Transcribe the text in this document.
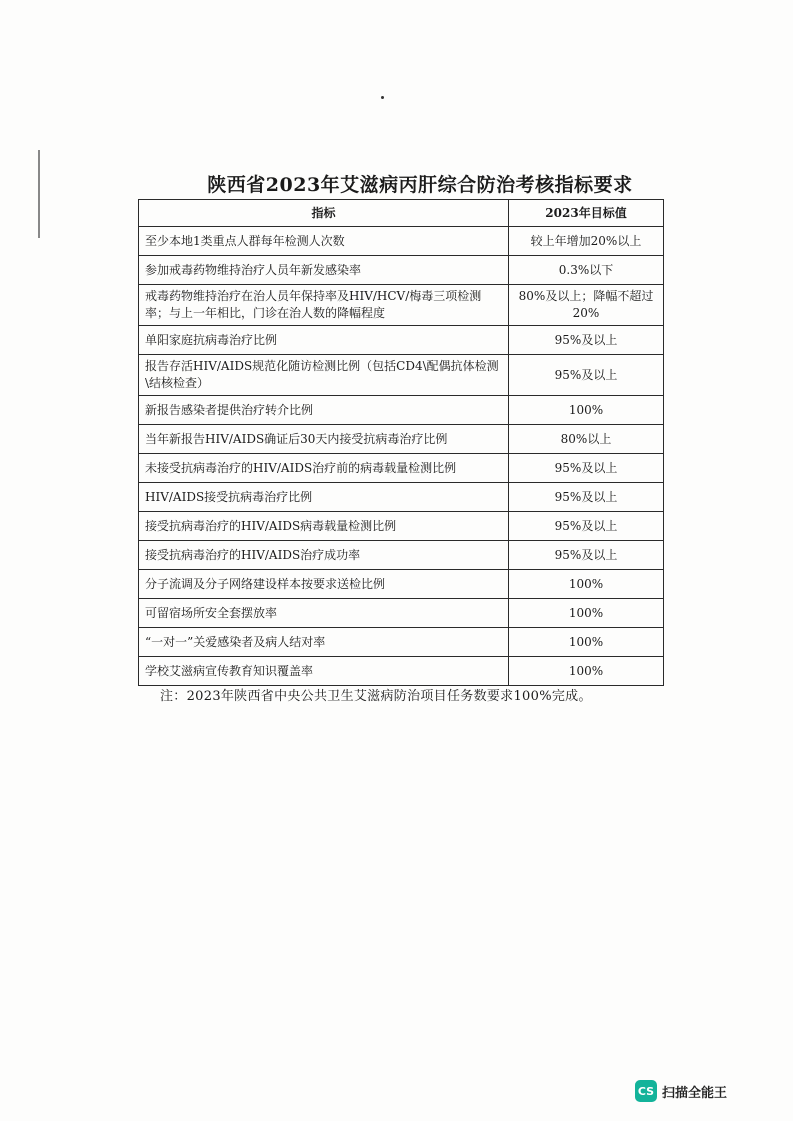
陕西省2023年艾滋病丙肝综合防治考核指标要求
指标	2023年目标值
至少本地1类重点人群每年检测人次数	较上年增加20%以上
参加戒毒药物维持治疗人员年新发感染率	0.3%以下
戒毒药物维持治疗在治人员年保持率及HIV/HCV/梅毒三项检测率；与上一年相比，门诊在治人数的降幅程度	80%及以上；降幅不超过20%
单阳家庭抗病毒治疗比例	95%及以上
报告存活HIV/AIDS规范化随访检测比例（包括CD4\配偶抗体检测\结核检查）	95%及以上
新报告感染者提供治疗转介比例	100%
当年新报告HIV/AIDS确证后30天内接受抗病毒治疗比例	80%以上
未接受抗病毒治疗的HIV/AIDS治疗前的病毒载量检测比例	95%及以上
HIV/AIDS接受抗病毒治疗比例	95%及以上
接受抗病毒治疗的HIV/AIDS病毒载量检测比例	95%及以上
接受抗病毒治疗的HIV/AIDS治疗成功率	95%及以上
分子流调及分子网络建设样本按要求送检比例	100%
可留宿场所安全套摆放率	100%
“一对一”关爱感染者及病人结对率	100%
学校艾滋病宣传教育知识覆盖率	100%
注：2023年陕西省中央公共卫生艾滋病防治项目任务数要求100%完成。
CS 扫描全能王
